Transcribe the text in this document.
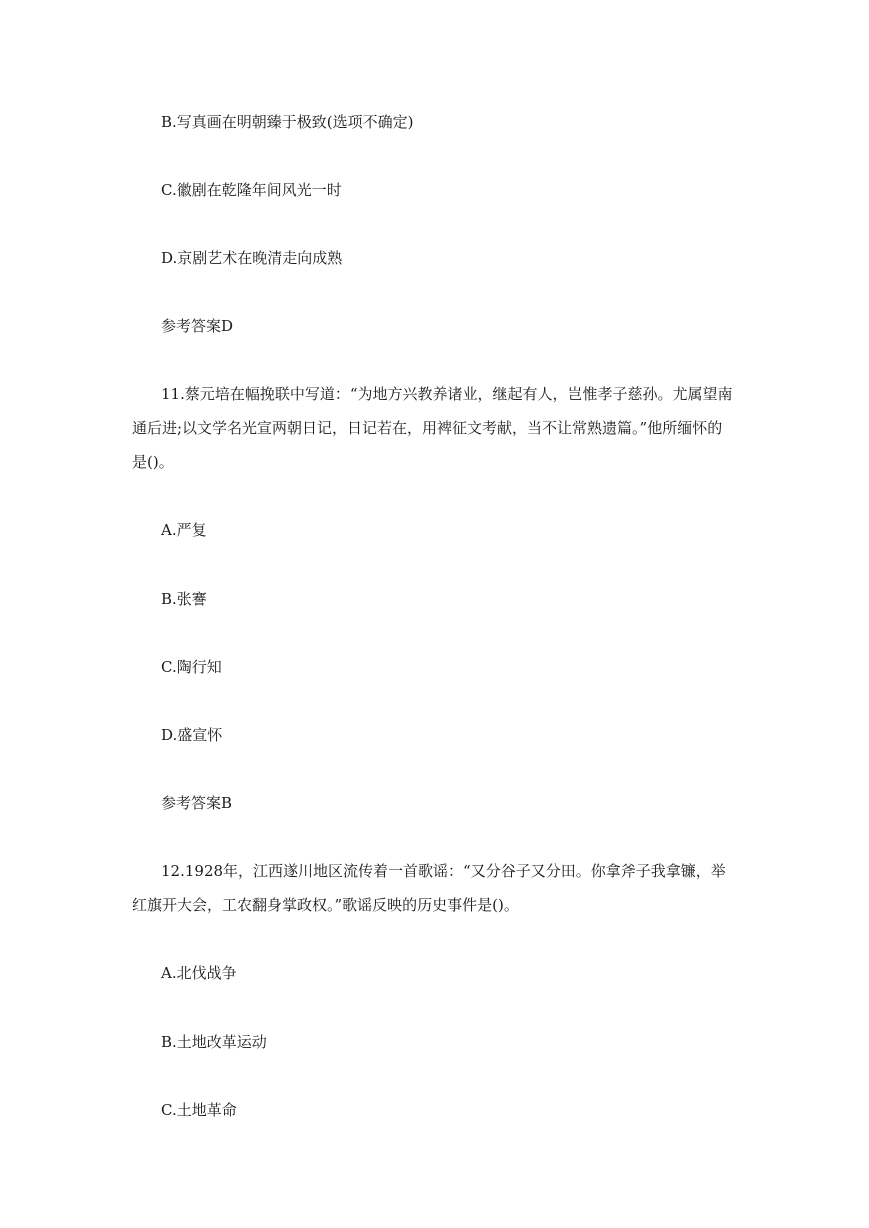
B.写真画在明朝臻于极致(选项不确定)

C.徽剧在乾隆年间风光一时

D.京剧艺术在晚清走向成熟

参考答案D

11.蔡元培在幅挽联中写道：“为地方兴教养诸业，继起有人，岂惟孝子慈孙。尤属望南

通后进;以文学名光宣两朝日记，日记若在，用裨征文考献，当不让常熟遗篇。”他所缅怀的

是()。

A.严复

B.张謇

C.陶行知

D.盛宣怀

参考答案B

12.1928年，江西遂川地区流传着一首歌谣：“又分谷子又分田。你拿斧子我拿镰，举

红旗开大会，工农翻身掌政权。”歌谣反映的历史事件是()。

A.北伐战争

B.土地改革运动

C.土地革命
